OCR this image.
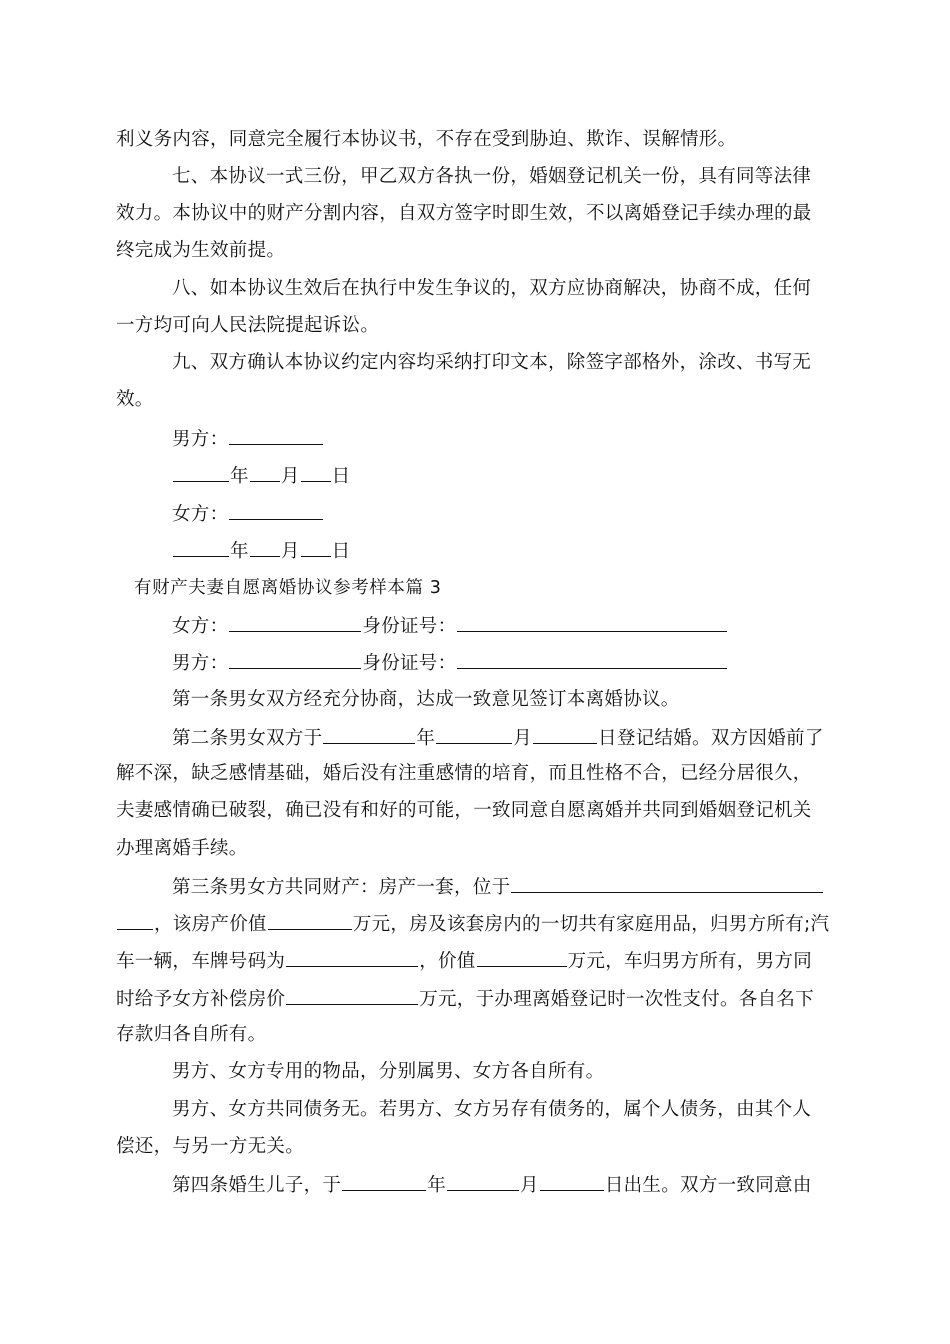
利义务内容，同意完全履行本协议书，不存在受到胁迫、欺诈、误解情形。
七、本协议一式三份，甲乙双方各执一份，婚姻登记机关一份，具有同等法律
效力。本协议中的财产分割内容，自双方签字时即生效，不以离婚登记手续办理的最
终完成为生效前提。
八、如本协议生效后在执行中发生争议的，双方应协商解决，协商不成，任何
一方均可向人民法院提起诉讼。
九、双方确认本协议约定内容均采纳打印文本，除签字部格外，涂改、书写无
效。
男方：
年 月 日
女方：
年 月 日
有财产夫妻自愿离婚协议参考样本篇 3
女方：	身份证号：
男方：	身份证号：
第一条男女双方经充分协商，达成一致意见签订本离婚协议。
第二条男女双方于	年	月	日登记结婚。双方因婚前了
解不深，缺乏感情基础，婚后没有注重感情的培育，而且性格不合，已经分居很久，
夫妻感情确已破裂，确已没有和好的可能，一致同意自愿离婚并共同到婚姻登记机关
办理离婚手续。
第三条男女方共同财产：房产一套，位于
，该房产价值	万元，房及该套房内的一切共有家庭用品，归男方所有;汽
车一辆，车牌号码为	，价值	万元，车归男方所有，男方同
时给予女方补偿房价	万元，于办理离婚登记时一次性支付。各自名下
存款归各自所有。
男方、女方专用的物品，分别属男、女方各自所有。
男方、女方共同债务无。若男方、女方另存有债务的，属个人债务，由其个人
偿还，与另一方无关。
第四条婚生儿子，于	年	月	日出生。双方一致同意由
